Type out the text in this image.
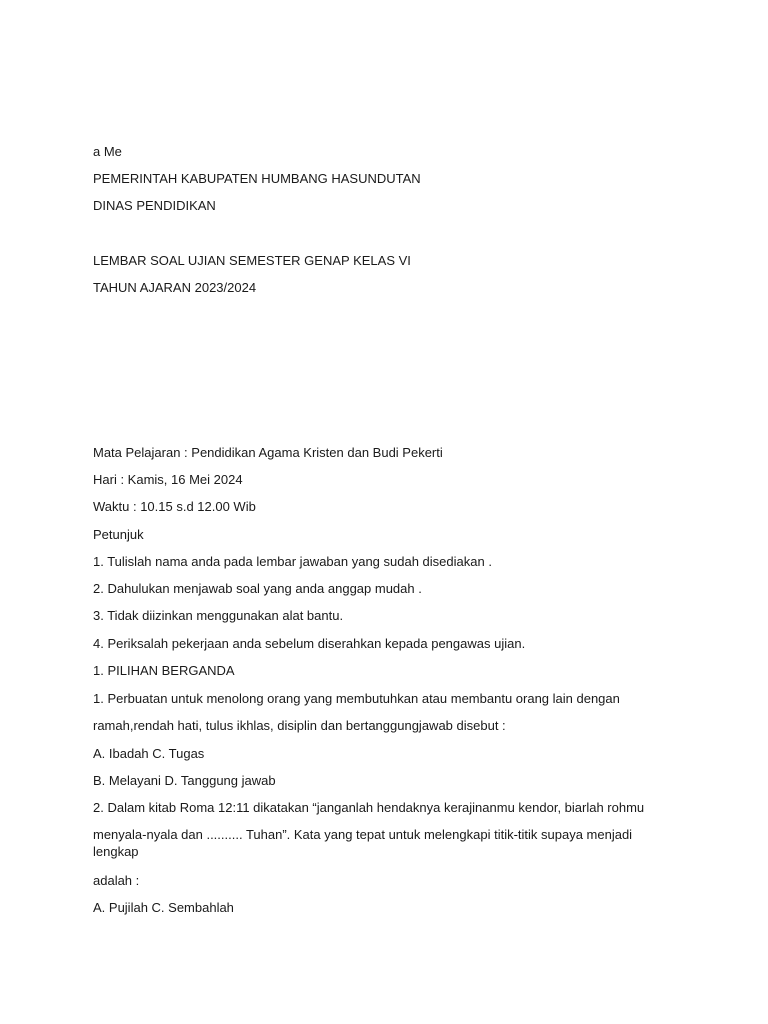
a Me
PEMERINTAH KABUPATEN HUMBANG HASUNDUTAN
DINAS PENDIDIKAN
LEMBAR SOAL UJIAN SEMESTER GENAP KELAS VI
TAHUN AJARAN 2023/2024
Mata Pelajaran : Pendidikan Agama Kristen dan Budi Pekerti
Hari : Kamis, 16 Mei 2024
Waktu : 10.15 s.d 12.00 Wib
Petunjuk
1. Tulislah nama anda pada lembar jawaban yang sudah disediakan .
2. Dahulukan menjawab soal yang anda anggap mudah .
3. Tidak diizinkan menggunakan alat bantu.
4. Periksalah pekerjaan anda sebelum diserahkan kepada pengawas ujian.
1. PILIHAN BERGANDA
1. Perbuatan untuk menolong orang yang membutuhkan atau membantu orang lain dengan
ramah,rendah hati, tulus ikhlas, disiplin dan bertanggungjawab disebut :
A. Ibadah C. Tugas
B. Melayani D. Tanggung jawab
2. Dalam kitab Roma 12:11 dikatakan “janganlah hendaknya kerajinanmu kendor, biarlah rohmu
menyala-nyala dan .......... Tuhan”. Kata yang tepat untuk melengkapi titik-titik supaya menjadi lengkap
adalah :
A. Pujilah C. Sembahlah
